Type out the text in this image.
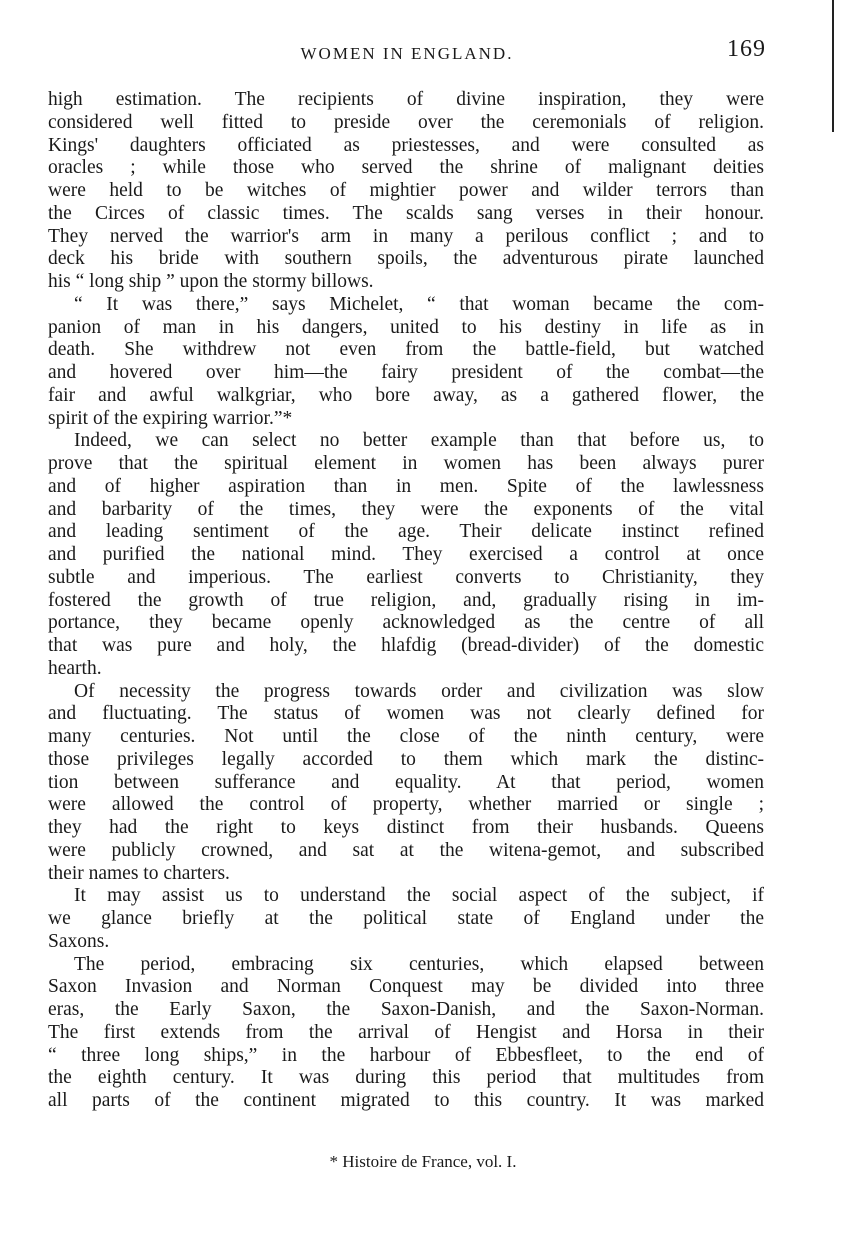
WOMEN IN ENGLAND.	169
high estimation. The recipients of divine inspiration, they were
considered well fitted to preside over the ceremonials of religion.
Kings' daughters officiated as priestesses, and were consulted as
oracles ; while those who served the shrine of malignant deities
were held to be witches of mightier power and wilder terrors than
the Circes of classic times. The scalds sang verses in their honour.
They nerved the warrior's arm in many a perilous conflict ; and to
deck his bride with southern spoils, the adventurous pirate launched
his “ long ship ” upon the stormy billows.
“ It was there,” says Michelet, “ that woman became the com-
panion of man in his dangers, united to his destiny in life as in
death. She withdrew not even from the battle-field, but watched
and hovered over him—the fairy president of the combat—the
fair and awful walkgriar, who bore away, as a gathered flower, the
spirit of the expiring warrior.”*
Indeed, we can select no better example than that before us, to
prove that the spiritual element in women has been always purer
and of higher aspiration than in men. Spite of the lawlessness
and barbarity of the times, they were the exponents of the vital
and leading sentiment of the age. Their delicate instinct refined
and purified the national mind. They exercised a control at once
subtle and imperious. The earliest converts to Christianity, they
fostered the growth of true religion, and, gradually rising in im-
portance, they became openly acknowledged as the centre of all
that was pure and holy, the hlafdig (bread-divider) of the domestic
hearth.
Of necessity the progress towards order and civilization was slow
and fluctuating. The status of women was not clearly defined for
many centuries. Not until the close of the ninth century, were
those privileges legally accorded to them which mark the distinc-
tion between sufferance and equality. At that period, women
were allowed the control of property, whether married or single ;
they had the right to keys distinct from their husbands. Queens
were publicly crowned, and sat at the witena-gemot, and subscribed
their names to charters.
It may assist us to understand the social aspect of the subject, if
we glance briefly at the political state of England under the
Saxons.
The period, embracing six centuries, which elapsed between
Saxon Invasion and Norman Conquest may be divided into three
eras, the Early Saxon, the Saxon-Danish, and the Saxon-Norman.
The first extends from the arrival of Hengist and Horsa in their
“ three long ships,” in the harbour of Ebbesfleet, to the end of
the eighth century. It was during this period that multitudes from
all parts of the continent migrated to this country. It was marked
* Histoire de France, vol. I.
